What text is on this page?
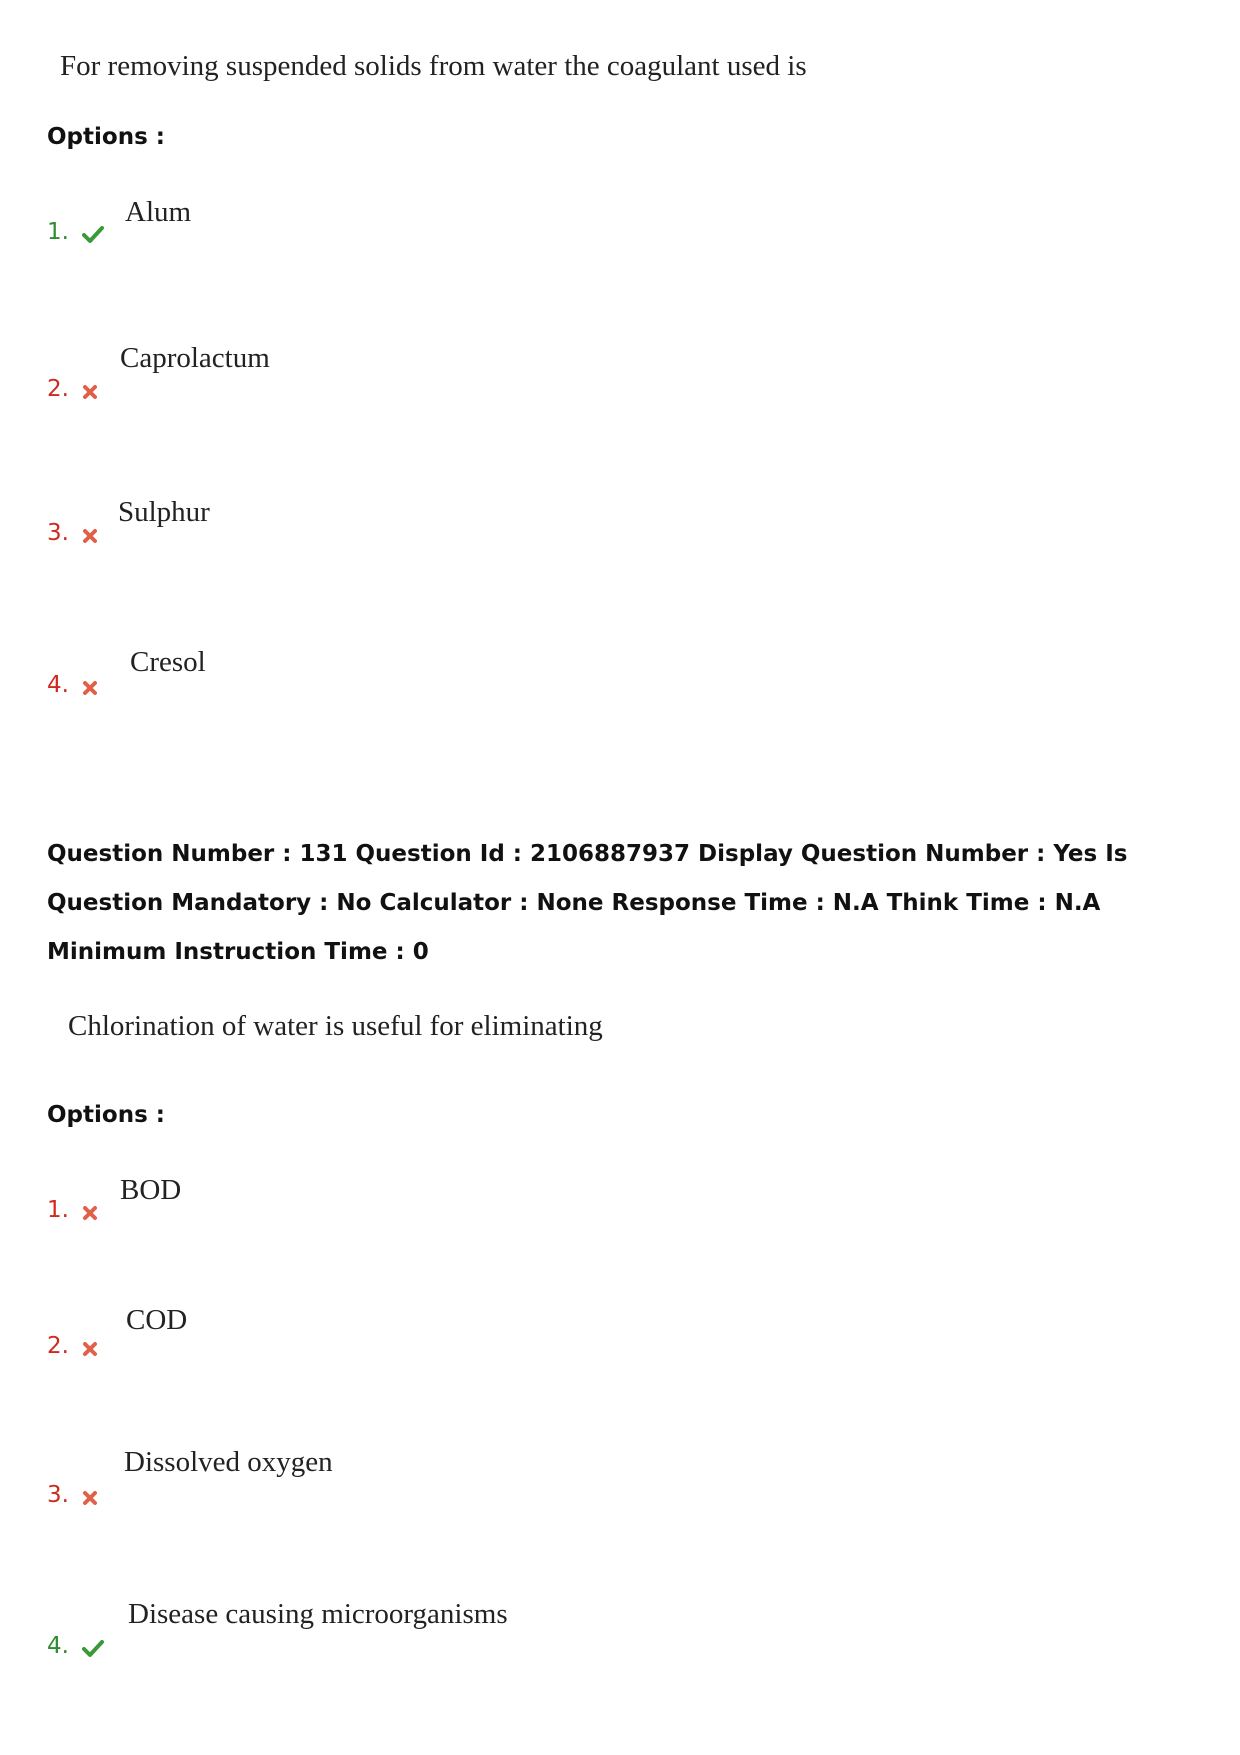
For removing suspended solids from water the coagulant used is
Options :
1.
Alum
2.
Caprolactum
3.
Sulphur
4.
Cresol
Question Number : 131 Question Id : 2106887937 Display Question Number : Yes Is Question Mandatory : No Calculator : None Response Time : N.A Think Time : N.A Minimum Instruction Time : 0
Chlorination of water is useful for eliminating
Options :
1.
BOD
2.
COD
3.
Dissolved oxygen
4.
Disease causing microorganisms
